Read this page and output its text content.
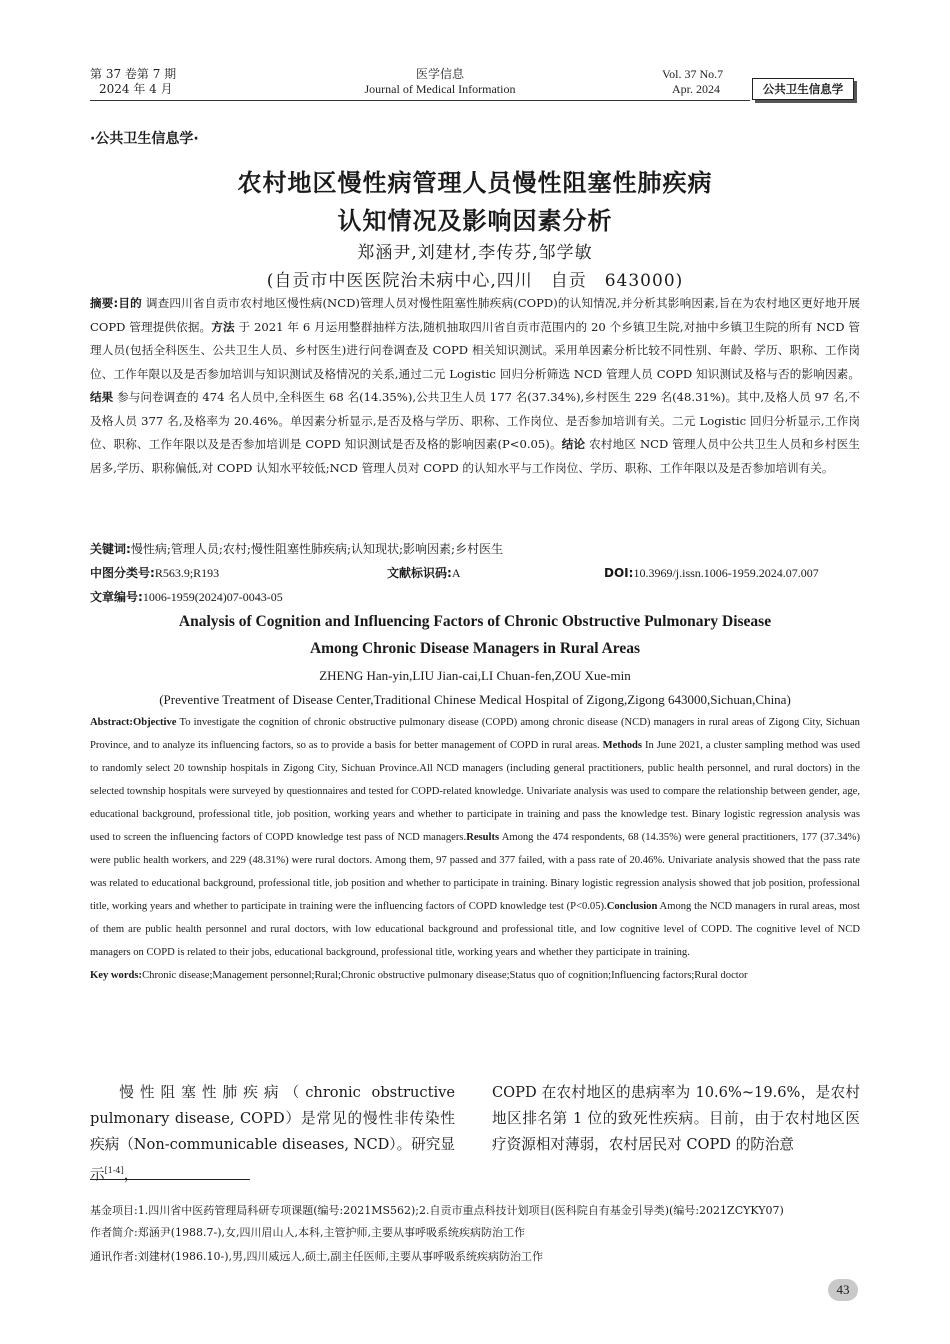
第 37 卷第 7 期
2024 年 4 月
医学信息
Journal of Medical Information
Vol. 37 No.7
Apr. 2024	公共卫生信息学
·公共卫生信息学·
农村地区慢性病管理人员慢性阻塞性肺疾病
认知情况及影响因素分析
郑涵尹,刘建材,李传芬,邹学敏
(自贡市中医医院治未病中心,四川　自贡　643000)
摘要:目的 调查四川省自贡市农村地区慢性病(NCD)管理人员对慢性阻塞性肺疾病(COPD)的认知情况,并分析其影响因素,旨在为农村地区更好地开展 COPD 管理提供依据。方法 于 2021 年 6 月运用整群抽样方法,随机抽取四川省自贡市范围内的 20 个乡镇卫生院,对抽中乡镇卫生院的所有 NCD 管理人员(包括全科医生、公共卫生人员、乡村医生)进行问卷调查及 COPD 相关知识测试。采用单因素分析比较不同性别、年龄、学历、职称、工作岗位、工作年限以及是否参加培训与知识测试及格情况的关系,通过二元 Logistic 回归分析筛选 NCD 管理人员 COPD 知识测试及格与否的影响因素。结果 参与问卷调查的 474 名人员中,全科医生 68 名(14.35%),公共卫生人员 177 名(37.34%),乡村医生 229 名(48.31%)。其中,及格人员 97 名,不及格人员 377 名,及格率为 20.46%。单因素分析显示,是否及格与学历、职称、工作岗位、是否参加培训有关。二元 Logistic 回归分析显示,工作岗位、职称、工作年限以及是否参加培训是 COPD 知识测试是否及格的影响因素(P<0.05)。结论 农村地区 NCD 管理人员中公共卫生人员和乡村医生居多,学历、职称偏低,对 COPD 认知水平较低;NCD 管理人员对 COPD 的认知水平与工作岗位、学历、职称、工作年限以及是否参加培训有关。
关键词:慢性病;管理人员;农村;慢性阻塞性肺疾病;认知现状;影响因素;乡村医生
中图分类号:R563.9;R193	文献标识码:A	DOI:10.3969/j.issn.1006-1959.2024.07.007
文章编号:1006-1959(2024)07-0043-05
Analysis of Cognition and Influencing Factors of Chronic Obstructive Pulmonary Disease
Among Chronic Disease Managers in Rural Areas
ZHENG Han-yin,LIU Jian-cai,LI Chuan-fen,ZOU Xue-min
(Preventive Treatment of Disease Center,Traditional Chinese Medical Hospital of Zigong,Zigong 643000,Sichuan,China)
Abstract:Objective To investigate the cognition of chronic obstructive pulmonary disease (COPD) among chronic disease (NCD) managers in rural areas of Zigong City, Sichuan Province, and to analyze its influencing factors, so as to provide a basis for better management of COPD in rural areas. Methods In June 2021, a cluster sampling method was used to randomly select 20 township hospitals in Zigong City, Sichuan Province.All NCD managers (including general practitioners, public health personnel, and rural doctors) in the selected township hospitals were surveyed by questionnaires and tested for COPD-related knowledge. Univariate analysis was used to compare the relationship between gender, age, educational background, professional title, job position, working years and whether to participate in training and pass the knowledge test. Binary logistic regression analysis was used to screen the influencing factors of COPD knowledge test pass of NCD managers.Results Among the 474 respondents, 68 (14.35%) were general practitioners, 177 (37.34%) were public health workers, and 229 (48.31%) were rural doctors. Among them, 97 passed and 377 failed, with a pass rate of 20.46%. Univariate analysis showed that the pass rate was related to educational background, professional title, job position and whether to participate in training. Binary logistic regression analysis showed that job position, professional title, working years and whether to participate in training were the influencing factors of COPD knowledge test (P<0.05).Conclusion Among the NCD managers in rural areas, most of them are public health personnel and rural doctors, with low educational background and professional title, and low cognitive level of COPD. The cognitive level of NCD managers on COPD is related to their jobs, educational background, professional title, working years and whether they participate in training.
Key words:Chronic disease;Management personnel;Rural;Chronic obstructive pulmonary disease;Status quo of cognition;Influencing factors;Rural doctor
慢性阻塞性肺疾病（chronic obstructive pulmonary disease, COPD）是常见的慢性非传染性疾病（Non-communicable diseases, NCD）。研究显示[1-4]，
COPD 在农村地区的患病率为 10.6%~19.6%，是农村地区排名第 1 位的致死性疾病。目前，由于农村地区医疗资源相对薄弱，农村居民对 COPD 的防治意
基金项目:1.四川省中医药管理局科研专项课题(编号:2021MS562);2.自贡市重点科技计划项目(医科院自有基金引导类)(编号:2021ZCYKY07)
作者简介:郑涵尹(1988.7-),女,四川眉山人,本科,主管护师,主要从事呼吸系统疾病防治工作
通讯作者:刘建材(1986.10-),男,四川威远人,硕士,副主任医师,主要从事呼吸系统疾病防治工作
43
